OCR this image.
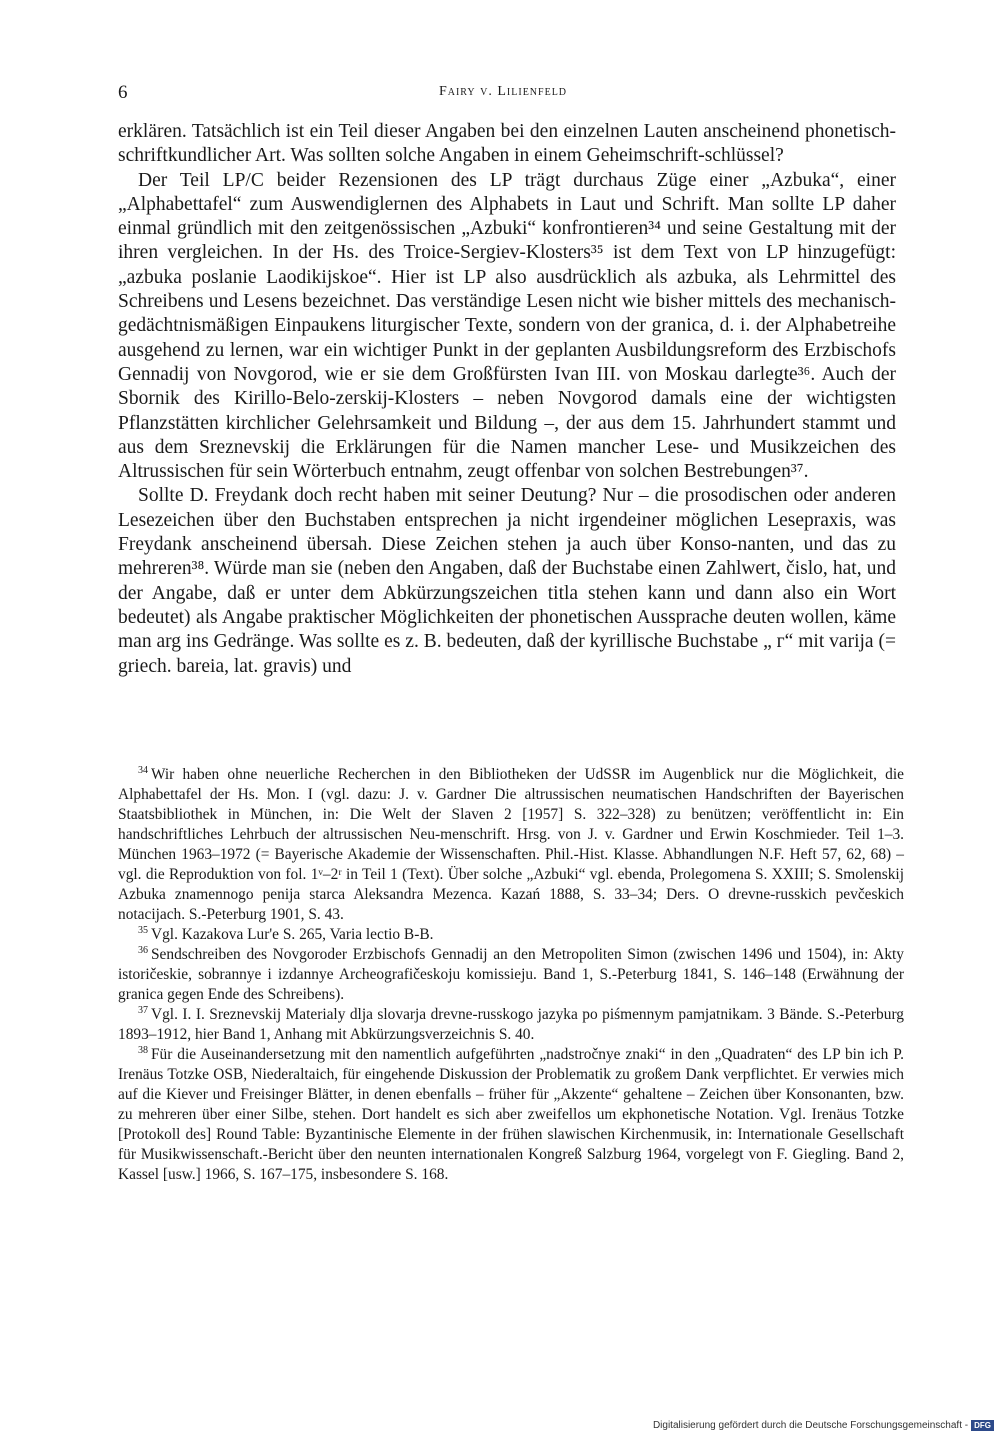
6	Fairy v. Lilienfeld

erklären. Tatsächlich ist ein Teil dieser Angaben bei den einzelnen Lauten anscheinend phonetisch-schriftkundlicher Art. Was sollten solche Angaben in einem Geheimschrift-schlüssel?

Der Teil LP/C beider Rezensionen des LP trägt durchaus Züge einer „Azbuka“, einer „Alphabettafel“ zum Auswendiglernen des Alphabets in Laut und Schrift. Man sollte LP daher einmal gründlich mit den zeitgenössischen „Azbuki“ konfrontieren³⁴ und seine Gestaltung mit der ihren vergleichen. In der Hs. des Troice-Sergiev-Klosters³⁵ ist dem Text von LP hinzugefügt: „azbuka poslanie Laodikijskoe“. Hier ist LP also ausdrücklich als azbuka, als Lehrmittel des Schreibens und Lesens bezeichnet. Das verständige Lesen nicht wie bisher mittels des mechanisch-gedächtnismäßigen Einpaukens liturgischer Texte, sondern von der granica, d. i. der Alphabetreihe ausgehend zu lernen, war ein wichtiger Punkt in der geplanten Ausbildungsreform des Erzbischofs Gennadij von Novgorod, wie er sie dem Großfürsten Ivan III. von Moskau darlegte³⁶. Auch der Sbornik des Kirillo-Belo-zerskij-Klosters – neben Novgorod damals eine der wichtigsten Pflanzstätten kirchlicher Gelehrsamkeit und Bildung –, der aus dem 15. Jahrhundert stammt und aus dem Sreznevskij die Erklärungen für die Namen mancher Lese- und Musikzeichen des Altrussischen für sein Wörterbuch entnahm, zeugt offenbar von solchen Bestrebungen³⁷.

Sollte D. Freydank doch recht haben mit seiner Deutung? Nur – die prosodischen oder anderen Lesezeichen über den Buchstaben entsprechen ja nicht irgendeiner möglichen Lesepraxis, was Freydank anscheinend übersah. Diese Zeichen stehen ja auch über Konso-nanten, und das zu mehreren³⁸. Würde man sie (neben den Angaben, daß der Buchstabe einen Zahlwert, čislo, hat, und der Angabe, daß er unter dem Abkürzungszeichen titla stehen kann und dann also ein Wort bedeutet) als Angabe praktischer Möglichkeiten der phonetischen Aussprache deuten wollen, käme man arg ins Gedränge. Was sollte es z. B. bedeuten, daß der kyrillische Buchstabe „ г“ mit varija (= griech. bareia, lat. gravis) und

$^{34}$ Wir haben ohne neuerliche Recherchen in den Bibliotheken der UdSSR im Augenblick nur die Möglichkeit, die Alphabettafel der Hs. Mon. I (vgl. dazu: J. v. Gardner Die altrussischen neumatischen Handschriften der Bayerischen Staatsbibliothek in München, in: Die Welt der Slaven 2 [1957] S. 322–328) zu benützen; veröffentlicht in: Ein handschriftliches Lehrbuch der altrussischen Neu-menschrift. Hrsg. von J. v. Gardner und Erwin Koschmieder. Teil 1–3. München 1963–1972 (= Bayerische Akademie der Wissenschaften. Phil.-Hist. Klasse. Abhandlungen N.F. Heft 57, 62, 68) – vgl. die Reproduktion von fol. 1ᵛ–2ʳ in Teil 1 (Text). Über solche „Azbuki“ vgl. ebenda, Prolegomena S. XXIII; S. Smolenskij Azbuka znamennogo penija starca Aleksandra Mezenca. Kazań 1888, S. 33–34; Ders. O drevne-russkich pevčeskich notacijach. S.-Peterburg 1901, S. 43.

$^{35}$ Vgl. Kazakova Lur'e S. 265, Varia lectio B-B.

$^{36}$ Sendschreiben des Novgoroder Erzbischofs Gennadij an den Metropoliten Simon (zwischen 1496 und 1504), in: Akty istoričeskie, sobrannye i izdannye Archeografičeskoju komissieju. Band 1, S.-Peterburg 1841, S. 146–148 (Erwähnung der granica gegen Ende des Schreibens).

$^{37}$ Vgl. I. I. Sreznevskij Materialy dlja slovarja drevne-russkogo jazyka po piśmennym pamjatnikam. 3 Bände. S.-Peterburg 1893–1912, hier Band 1, Anhang mit Abkürzungsverzeichnis S. 40.

$^{38}$ Für die Auseinandersetzung mit den namentlich aufgeführten „nadstročnye znaki“ in den „Quadraten“ des LP bin ich P. Irenäus Totzke OSB, Niederaltaich, für eingehende Diskussion der Problematik zu großem Dank verpflichtet. Er verwies mich auf die Kiever und Freisinger Blätter, in denen ebenfalls – früher für „Akzente“ gehaltene – Zeichen über Konsonanten, bzw. zu mehreren über einer Silbe, stehen. Dort handelt es sich aber zweifellos um ekphonetische Notation. Vgl. Irenäus Totzke [Protokoll des] Round Table: Byzantinische Elemente in der frühen slawischen Kirchenmusik, in: Internationale Gesellschaft für Musikwissenschaft.-Bericht über den neunten internationalen Kongreß Salzburg 1964, vorgelegt von F. Giegling. Band 2, Kassel [usw.] 1966, S. 167–175, insbesondere S. 168.

Digitalisierung gefördert durch die Deutsche Forschungsgemeinschaft - DFG
